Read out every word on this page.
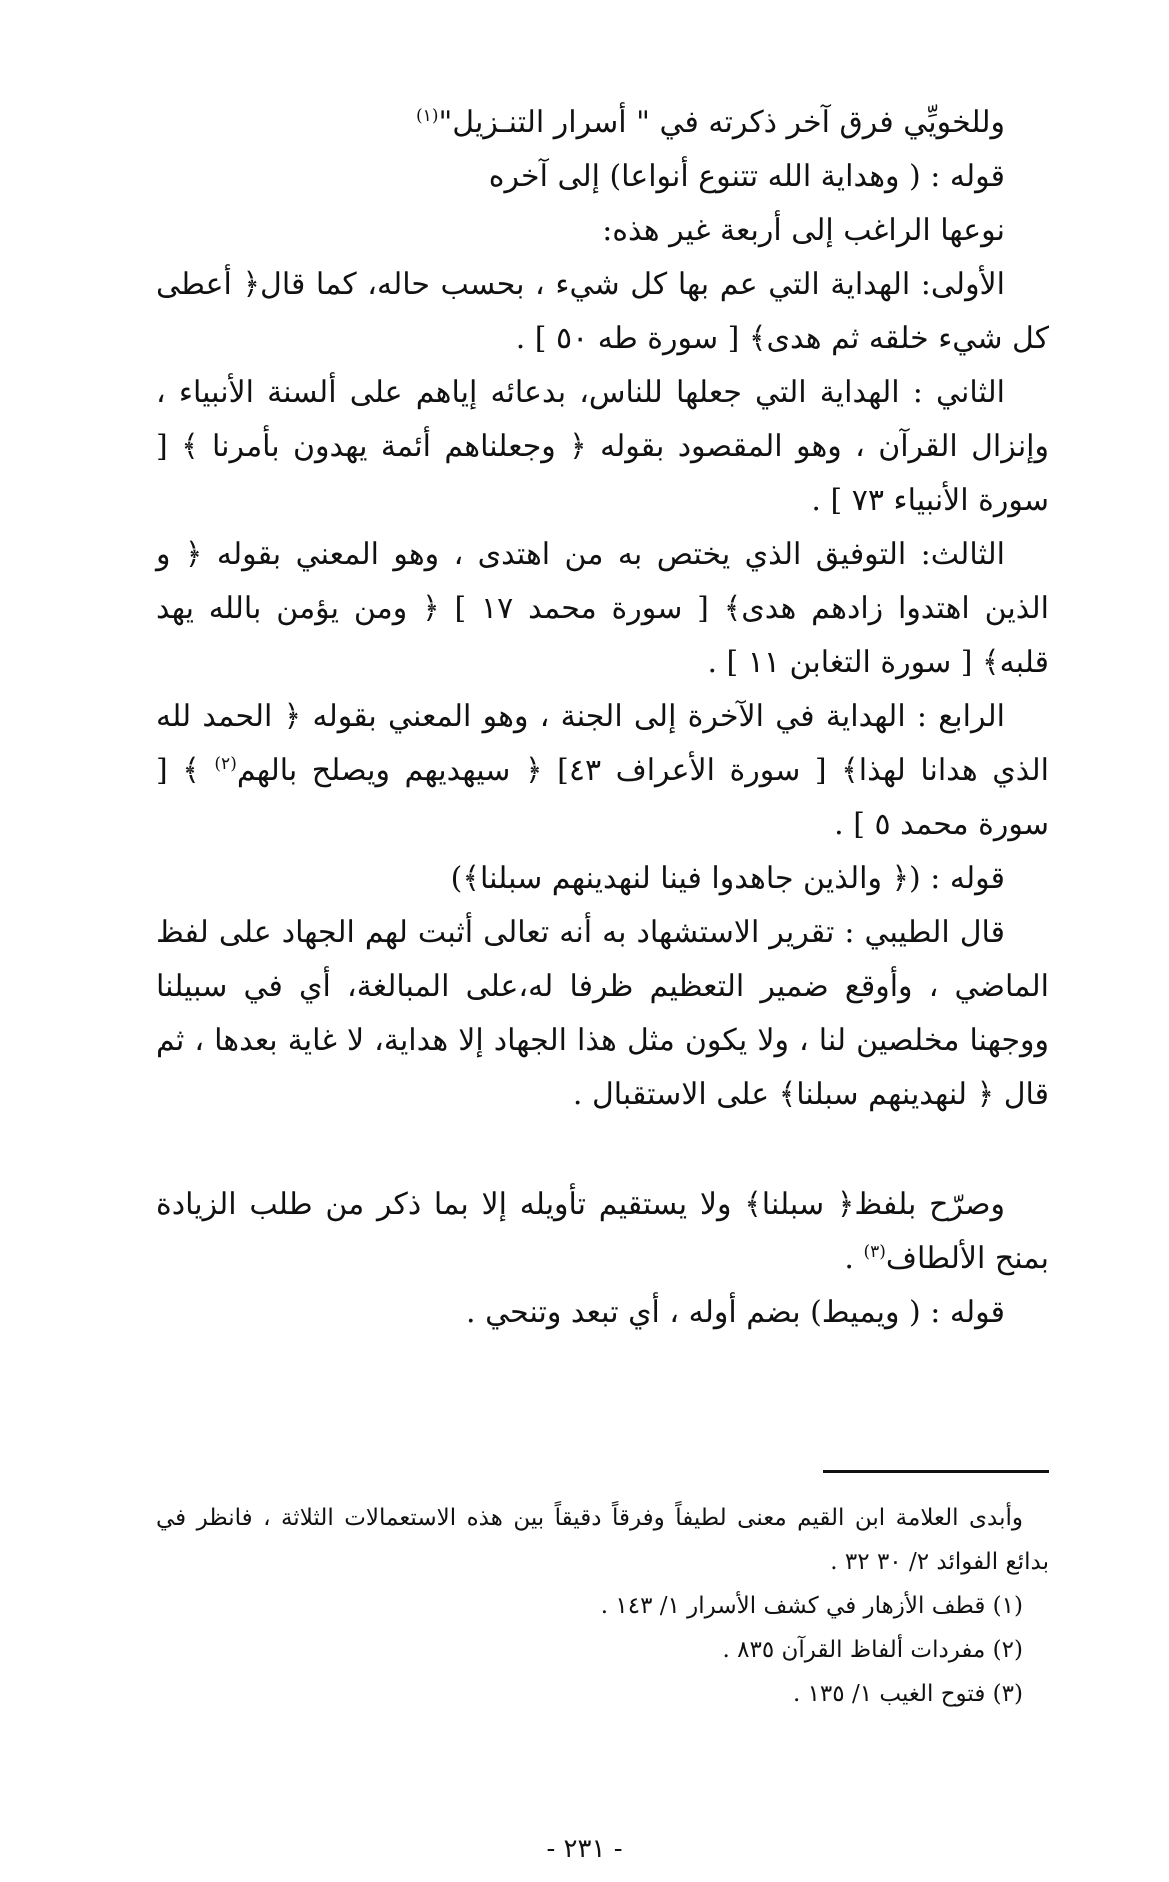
وللخويِّي فرق آخر ذكرته في " أسرار التنـزيل"$^{(١)}$

قوله : ( وهداية الله تتنوع أنواعا) إلى آخره

نوعها الراغب إلى أربعة غير هذه:

الأولى: الهداية التي عم بها كل شيء ، بحسب حاله، كما قال﴿ أعطى كل شيء خلقه ثم هدى﴾ [ سورة طه ٥٠ ] .

الثاني : الهداية التي جعلها للناس، بدعائه إياهم على ألسنة الأنبياء ، وإنزال القرآن ، وهو المقصود بقوله ﴿ وجعلناهم أئمة يهدون بأمرنا ﴾ [ سورة الأنبياء ٧٣ ] .

الثالث: التوفيق الذي يختص به من اهتدى ، وهو المعني بقوله ﴿ و الذين اهتدوا زادهم هدى﴾ [ سورة محمد ١٧ ] ﴿ ومن يؤمن بالله يهد قلبه﴾ [ سورة التغابن ١١ ] .

الرابع : الهداية في الآخرة إلى الجنة ، وهو المعني بقوله ﴿ الحمد لله الذي هدانا لهذا﴾ [ سورة الأعراف ٤٣] ﴿ سيهديهم ويصلح بالهم$^{(٢)}$ ﴾ [ سورة محمد ٥ ] .

قوله : (﴿ والذين جاهدوا فينا لنهدينهم سبلنا﴾)

قال الطيبي : تقرير الاستشهاد به أنه تعالى أثبت لهم الجهاد على لفظ الماضي ، وأوقع ضمير التعظيم ظرفا له،على المبالغة، أي في سبيلنا ووجهنا مخلصين لنا ، ولا يكون مثل هذا الجهاد إلا هداية، لا غاية بعدها ، ثم قال ﴿ لنهدينهم سبلنا﴾ على الاستقبال .

وصرّح بلفظ﴿ سبلنا﴾ ولا يستقيم تأويله إلا بما ذكر من طلب الزيادة بمنح الألطاف$^{(٣)}$ .

قوله : ( ويميط) بضم أوله ، أي تبعد وتنحي .

وأبدى العلامة ابن القيم معنى لطيفاً وفرقاً دقيقاً بين هذه الاستعمالات الثلاثة ، فانظر في بدائع الفوائد ٢/ ٣٠ ٣٢ .

(١) قطف الأزهار في كشف الأسرار ١/ ١٤٣ .

(٢) مفردات ألفاظ القرآن ٨٣٥ .

(٣) فتوح الغيب ١/ ١٣٥ .

- ٢٣١ -
